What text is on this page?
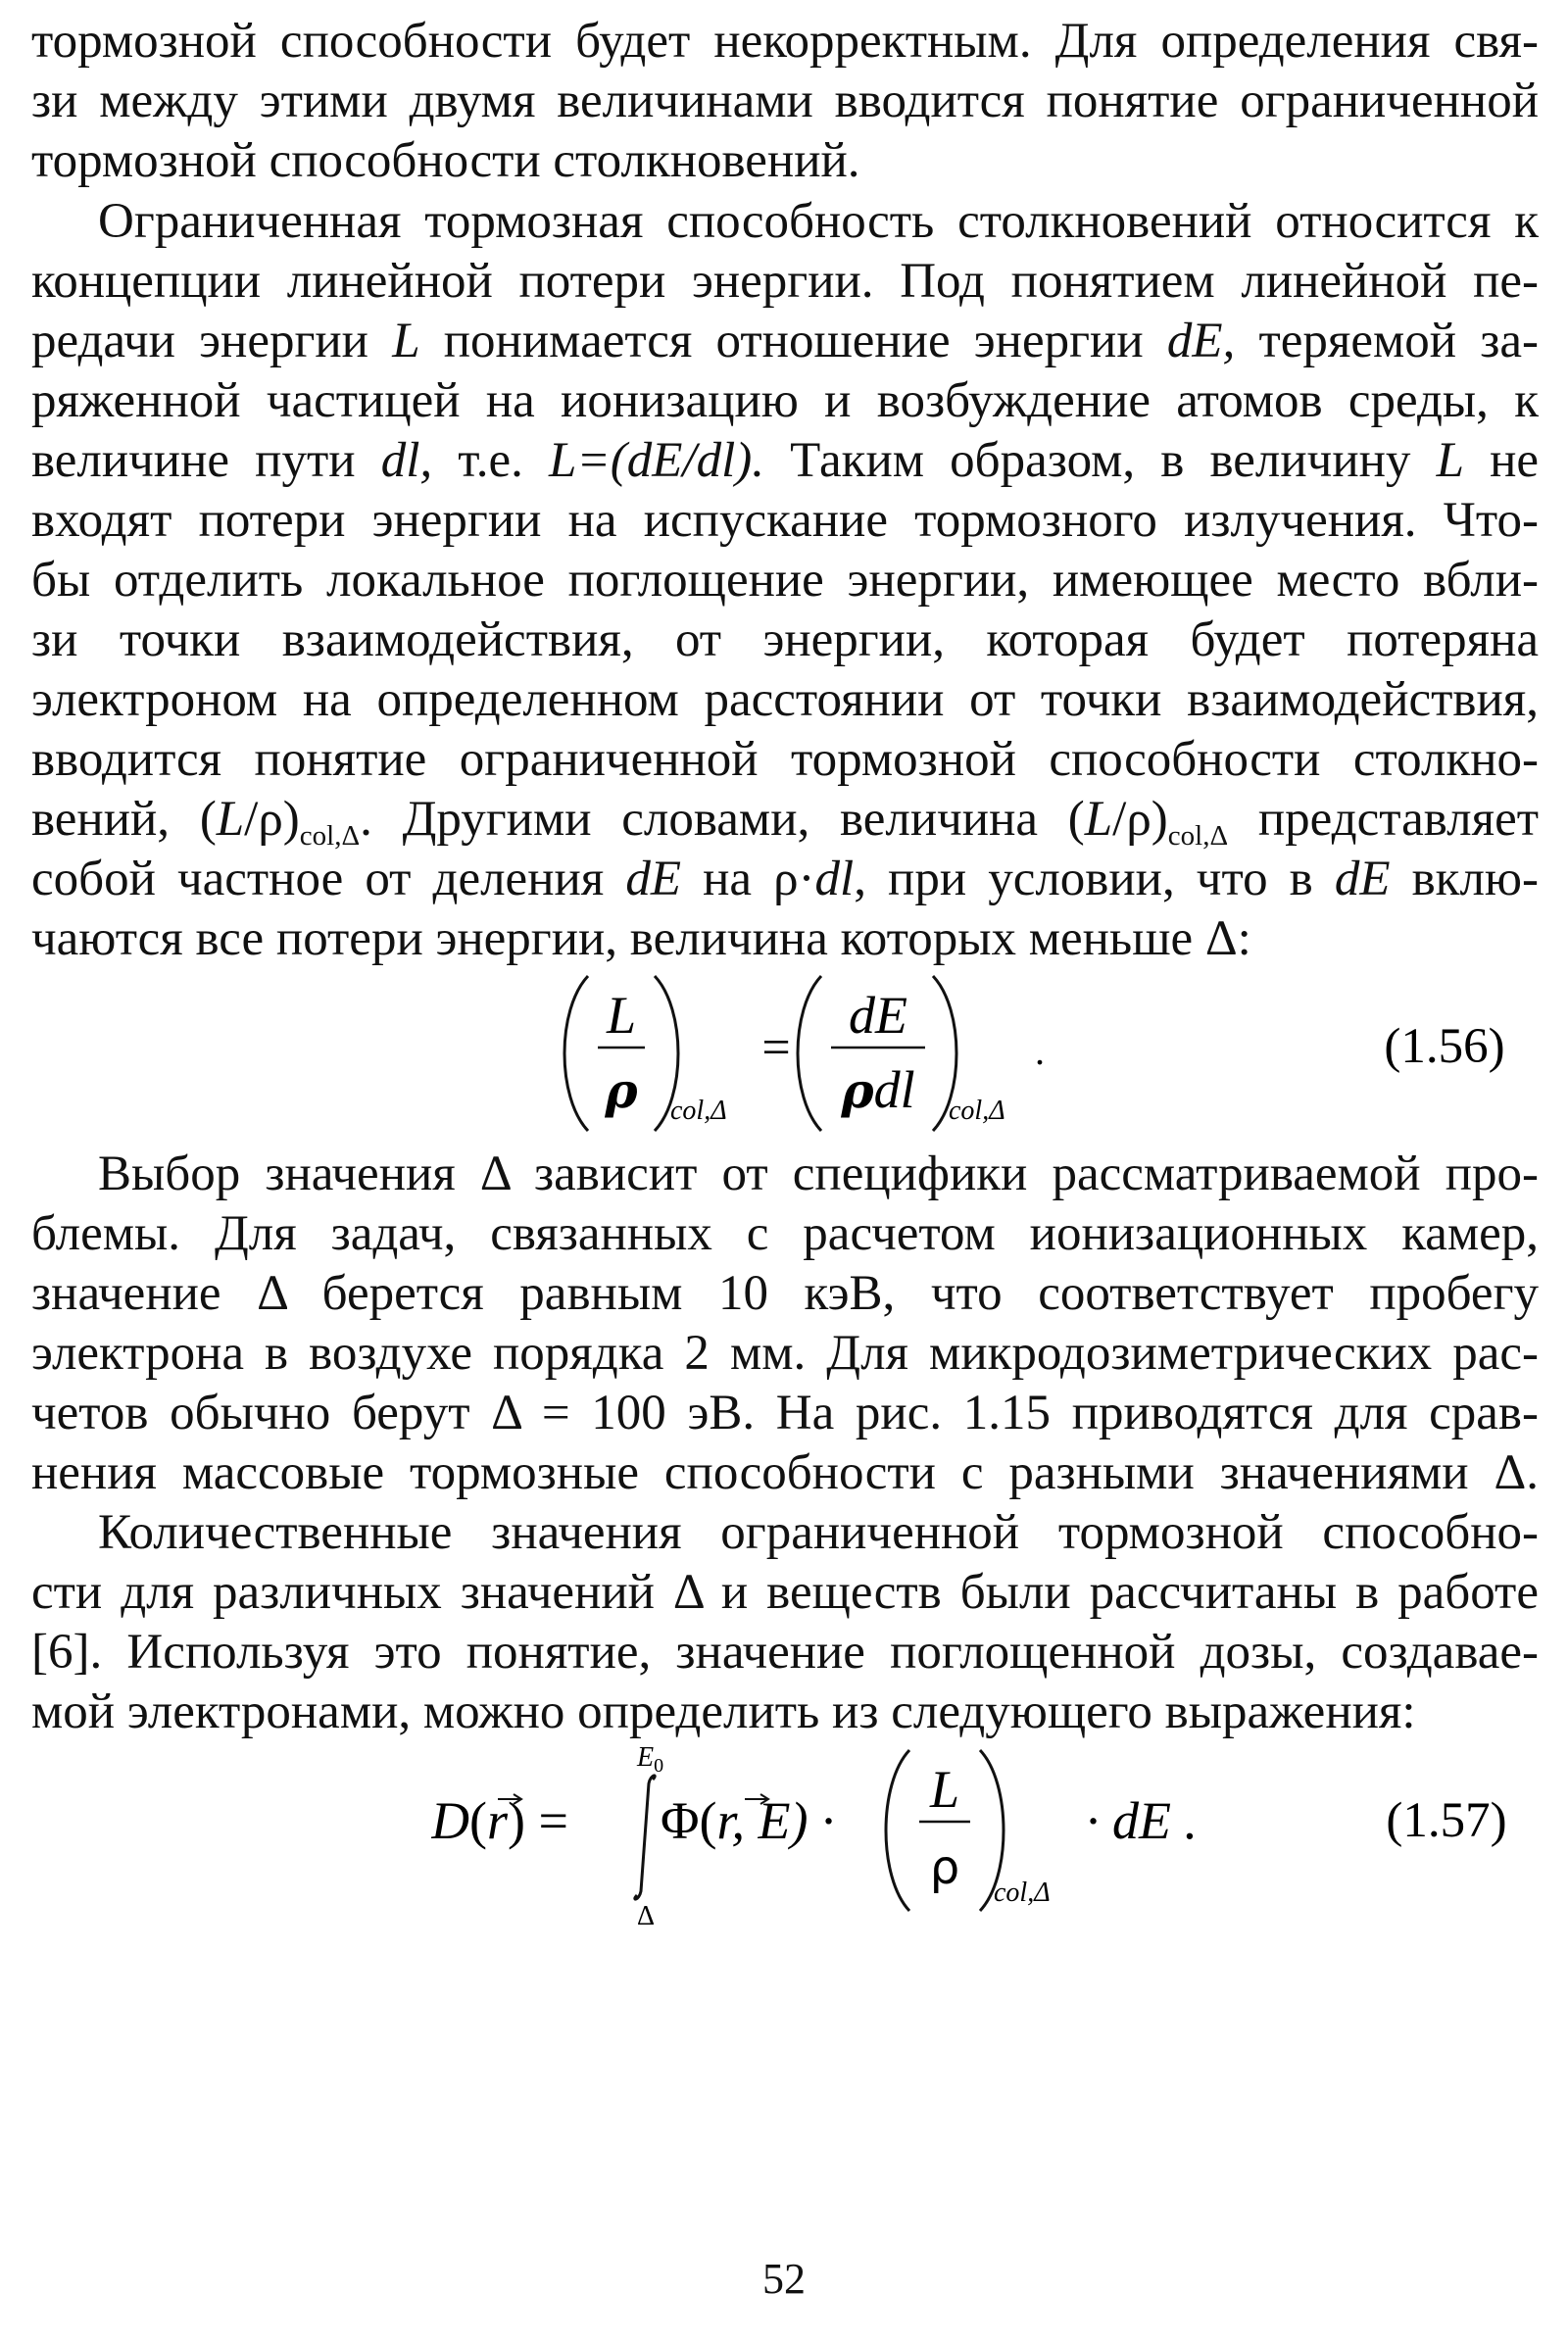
тормозной способности будет некорректным. Для определения свя-
зи между этими двумя величинами вводится понятие ограниченной
тормозной способности столкновений.
Ограниченная тормозная способность столкновений относится к
концепции линейной потери энергии. Под понятием линейной пе-
редачи энергии L понимается отношение энергии dE, теряемой за-
ряженной частицей на ионизацию и возбуждение атомов среды, к
величине пути dl, т.е. L=(dE/dl). Таким образом, в величину L не
входят потери энергии на испускание тормозного излучения. Что-
бы отделить локальное поглощение энергии, имеющее место вбли-
зи точки взаимодействия, от энергии, которая будет потеряна
электроном на определенном расстоянии от точки взаимодействия,
вводится понятие ограниченной тормозной способности столкно-
вений, (L/ρ)col,Δ. Другими словами, величина (L/ρ)col,Δ представляет
собой частное от деления dE на ρ·dl, при условии, что в dE вклю-
чаются все потери энергии, величина которых меньше Δ:
L
ρ col,Δ
=
dE
ρdl col,Δ
.	(1.56)
Выбор значения Δ зависит от специфики рассматриваемой про-
блемы. Для задач, связанных с расчетом ионизационных камер,
значение Δ берется равным 10 кэВ, что соответствует пробегу
электрона в воздухе порядка 2 мм. Для микродозиметрических рас-
четов обычно берут Δ = 100 эВ. На рис. 1.15 приводятся для срав-
нения массовые тормозные способности с разными значениями Δ.
Количественные значения ограниченной тормозной способно-
сти для различных значений Δ и веществ были рассчитаны в работе
[6]. Используя это понятие, значение поглощенной дозы, создавае-
мой электронами, можно определить из следующего выражения:
D(r) =
$E_0$
Δ
Φ(r, E) ·
L
ρ col,Δ
· dE .	(1.57)
52
